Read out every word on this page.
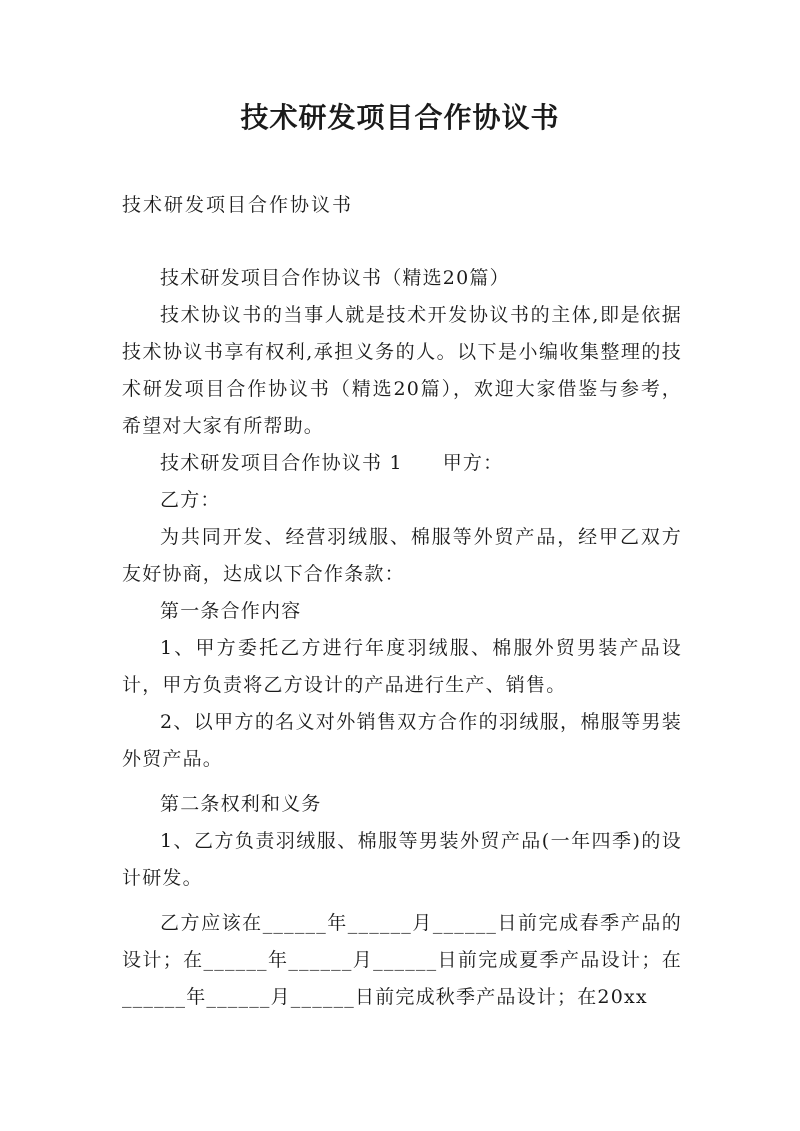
技术研发项目合作协议书

技术研发项目合作协议书

技术研发项目合作协议书（精选20篇）

技术协议书的当事人就是技术开发协议书的主体,即是依据技术协议书享有权利,承担义务的人。以下是小编收集整理的技术研发项目合作协议书（精选20篇），欢迎大家借鉴与参考，希望对大家有所帮助。

技术研发项目合作协议书 1 甲方：

乙方：

为共同开发、经营羽绒服、棉服等外贸产品，经甲乙双方友好协商，达成以下合作条款：

第一条合作内容

1、甲方委托乙方进行年度羽绒服、棉服外贸男装产品设计，甲方负责将乙方设计的产品进行生产、销售。

2、以甲方的名义对外销售双方合作的羽绒服，棉服等男装外贸产品。

第二条权利和义务

1、乙方负责羽绒服、棉服等男装外贸产品(一年四季)的设计研发。

乙方应该在______年______月______日前完成春季产品的设计；在______年______月______日前完成夏季产品设计；在______年______月______日前完成秋季产品设计；在20xx
